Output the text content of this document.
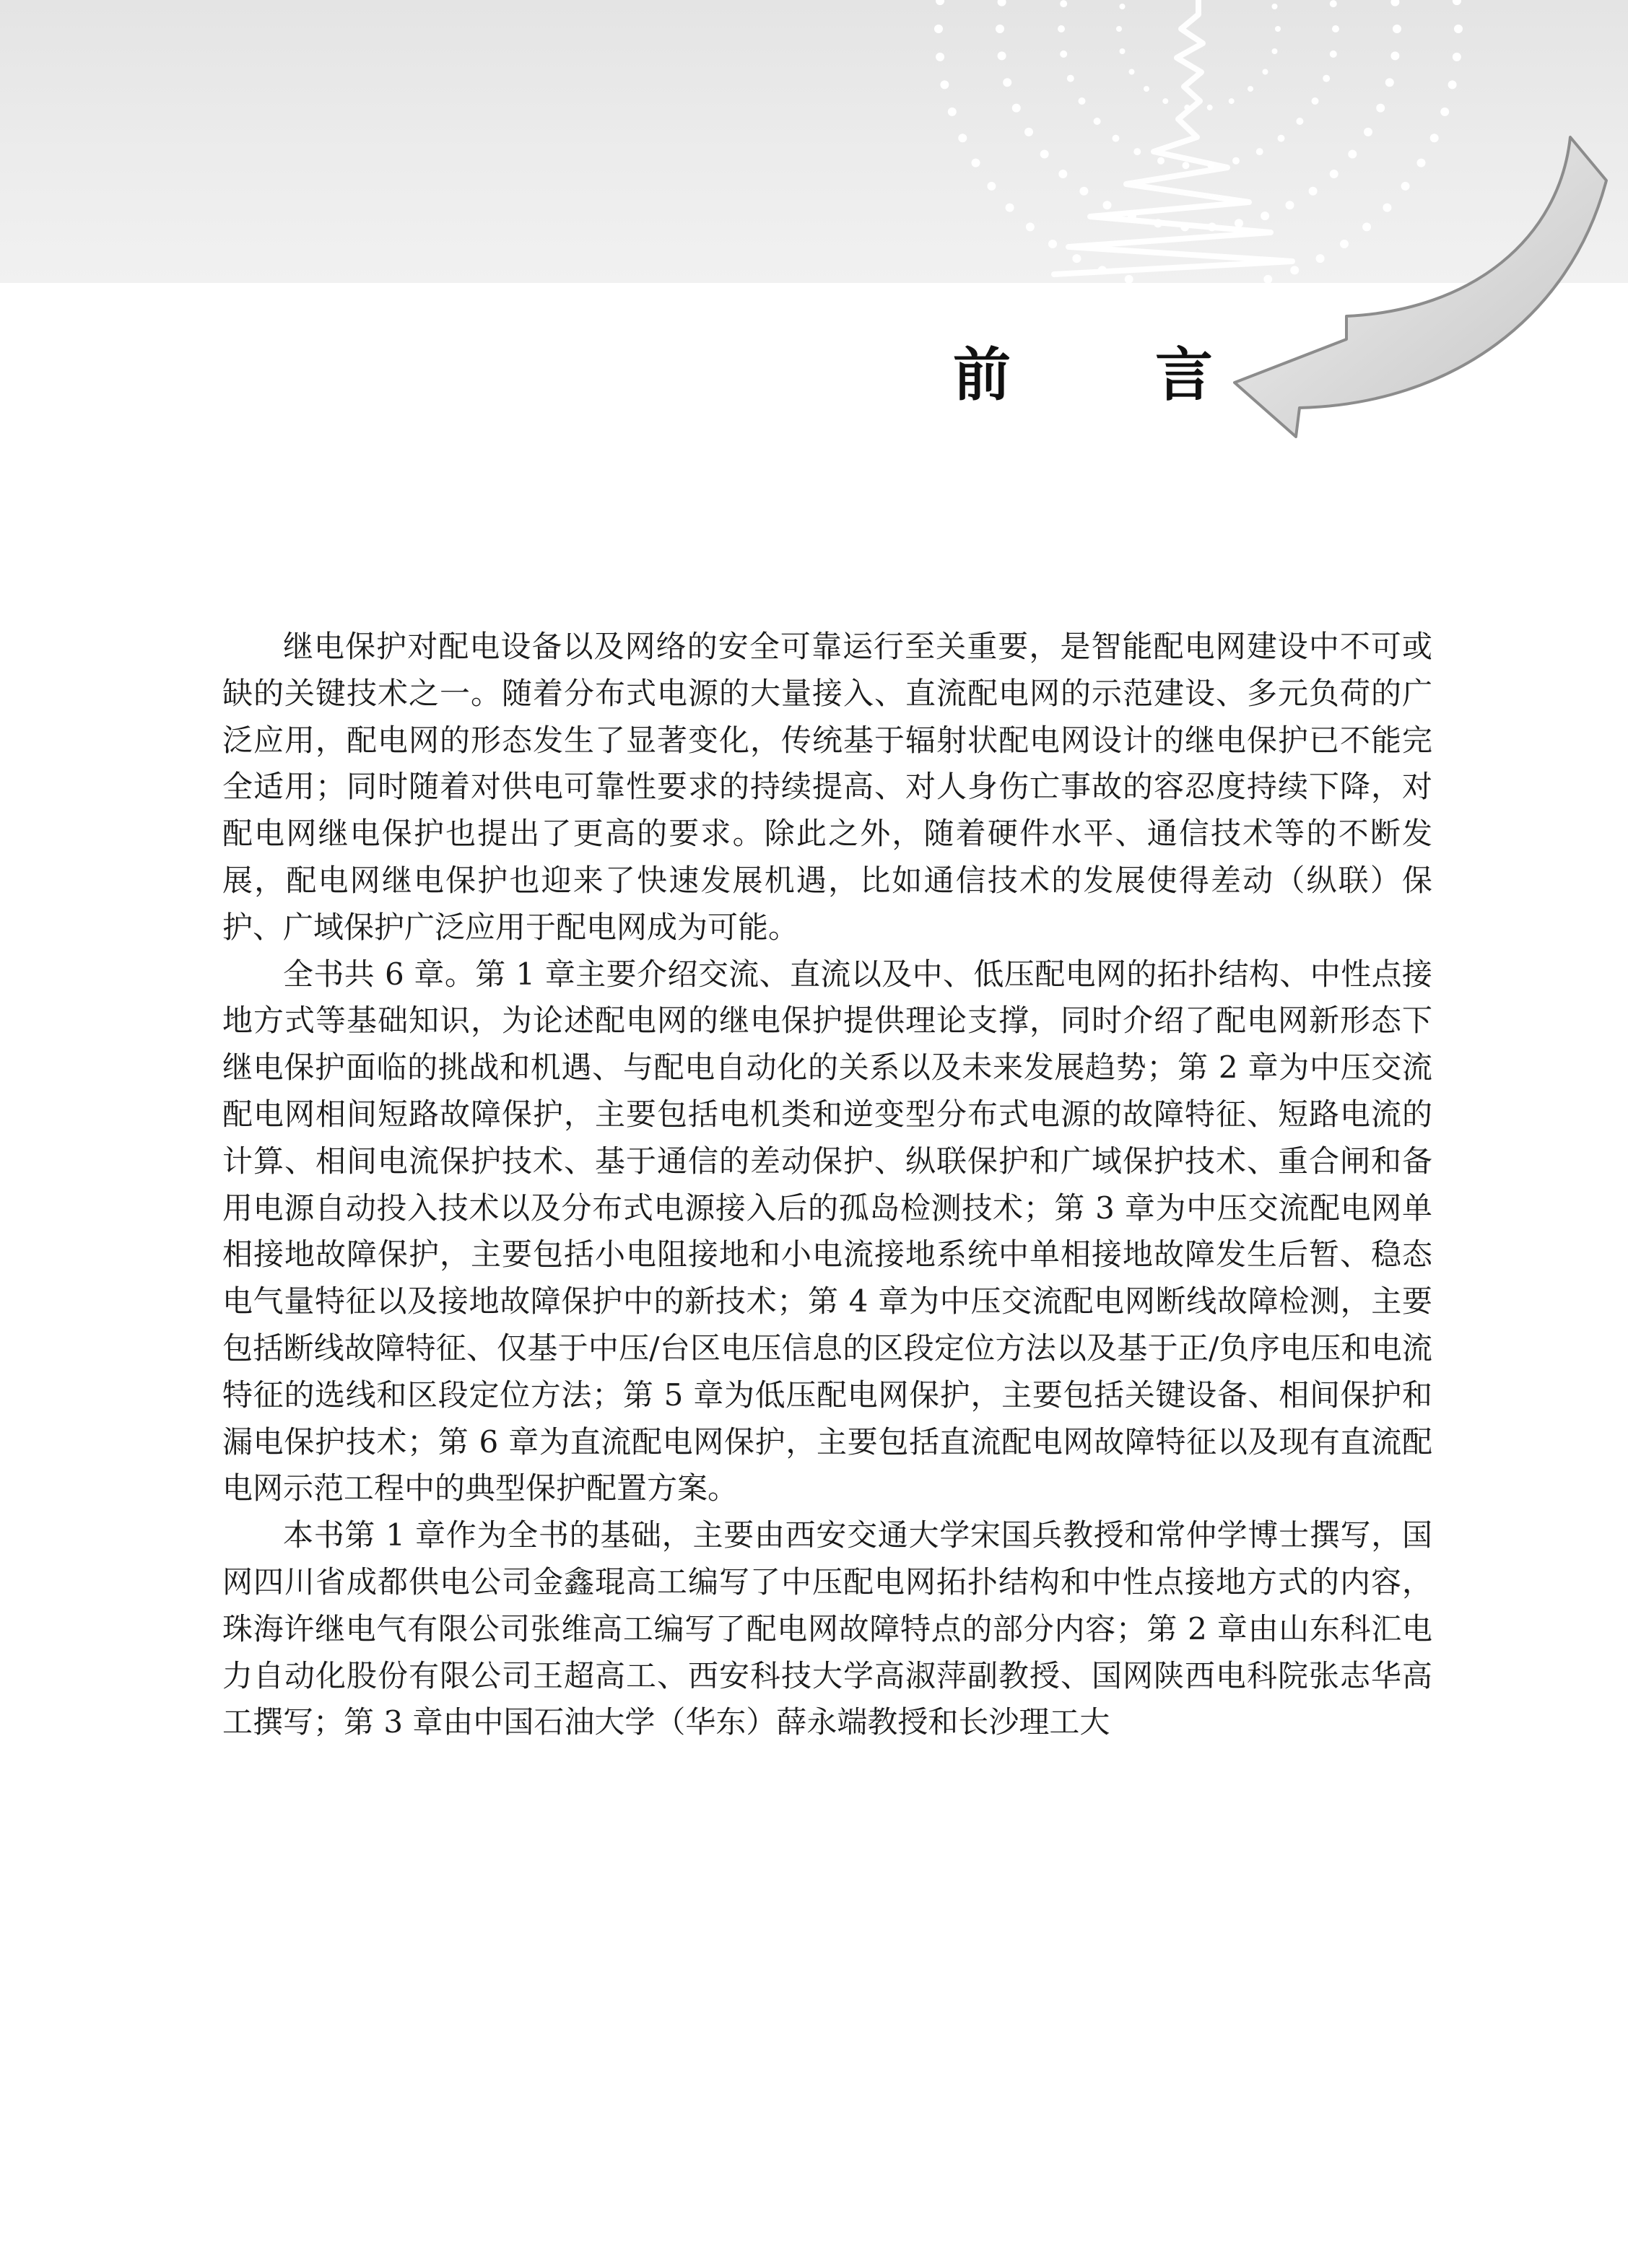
前	言

继电保护对配电设备以及网络的安全可靠运行至关重要，是智能配电网建设中不可或缺的关键技术之一。随着分布式电源的大量接入、直流配电网的示范建设、多元负荷的广泛应用，配电网的形态发生了显著变化，传统基于辐射状配电网设计的继电保护已不能完全适用；同时随着对供电可靠性要求的持续提高、对人身伤亡事故的容忍度持续下降，对配电网继电保护也提出了更高的要求。除此之外，随着硬件水平、通信技术等的不断发展，配电网继电保护也迎来了快速发展机遇，比如通信技术的发展使得差动（纵联）保护、广域保护广泛应用于配电网成为可能。

全书共 6 章。第 1 章主要介绍交流、直流以及中、低压配电网的拓扑结构、中性点接地方式等基础知识，为论述配电网的继电保护提供理论支撑，同时介绍了配电网新形态下继电保护面临的挑战和机遇、与配电自动化的关系以及未来发展趋势；第 2 章为中压交流配电网相间短路故障保护，主要包括电机类和逆变型分布式电源的故障特征、短路电流的计算、相间电流保护技术、基于通信的差动保护、纵联保护和广域保护技术、重合闸和备用电源自动投入技术以及分布式电源接入后的孤岛检测技术；第 3 章为中压交流配电网单相接地故障保护，主要包括小电阻接地和小电流接地系统中单相接地故障发生后暂、稳态电气量特征以及接地故障保护中的新技术；第 4 章为中压交流配电网断线故障检测，主要包括断线故障特征、仅基于中压/台区电压信息的区段定位方法以及基于正/负序电压和电流特征的选线和区段定位方法；第 5 章为低压配电网保护，主要包括关键设备、相间保护和漏电保护技术；第 6 章为直流配电网保护，主要包括直流配电网故障特征以及现有直流配电网示范工程中的典型保护配置方案。

本书第 1 章作为全书的基础，主要由西安交通大学宋国兵教授和常仲学博士撰写，国网四川省成都供电公司金鑫琨高工编写了中压配电网拓扑结构和中性点接地方式的内容，珠海许继电气有限公司张维高工编写了配电网故障特点的部分内容；第 2 章由山东科汇电力自动化股份有限公司王超高工、西安科技大学高淑萍副教授、国网陕西电科院张志华高工撰写；第 3 章由中国石油大学（华东）薛永端教授和长沙理工大
